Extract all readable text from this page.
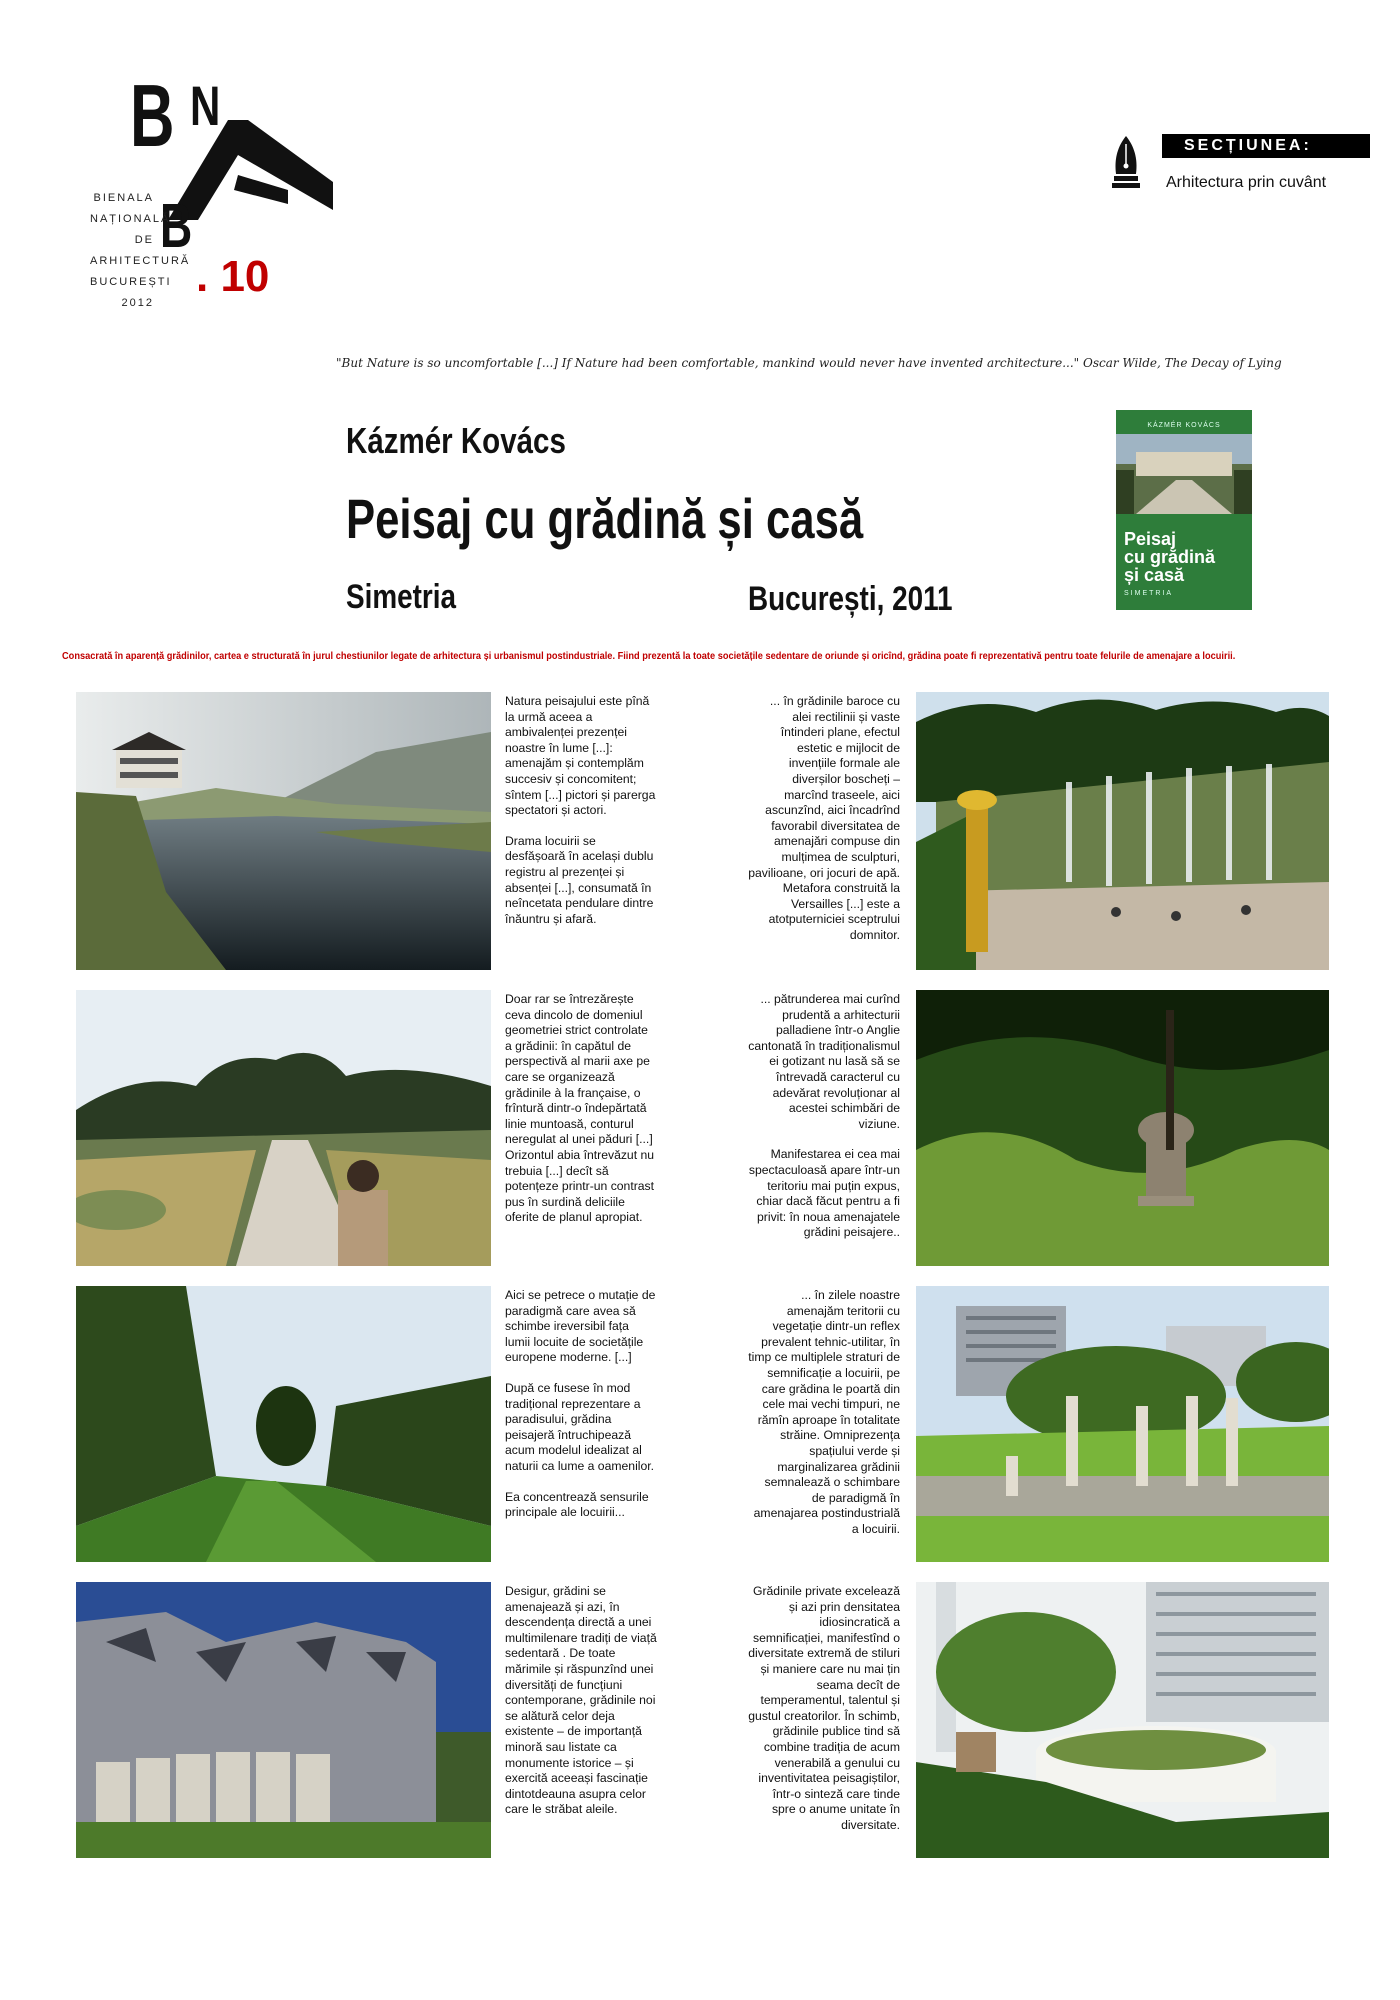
B N
B
BIENALA
NAȚIONALĂ
DE
ARHITECTURĂ
BUCUREȘTI
2012
. 10
SECȚIUNEA:
Arhitectura prin cuvânt
"But Nature is so uncomfortable [...] If Nature had been comfortable, mankind would never have invented architecture..." Oscar Wilde, The Decay of Lying
Kázmér Kovács
Peisaj cu grădină și casă
Simetria	București, 2011
KÁZMÉR KOVÁCS
Peisaj
cu grădină
și casă
SIMETRIA
Consacrată în aparență grădinilor, cartea e structurată în jurul chestiunilor legate de arhitectura și urbanismul postindustriale. Fiind prezentă la toate societățile sedentare de oriunde și oricînd, grădina poate fi reprezentativă pentru toate felurile de amenajare a locuirii.

Natura peisajului este pînă la urmă aceea a ambivalenței prezenței noastre în lume [...]: amenajăm și contemplăm succesiv și concomitent; sîntem [...] pictori și parerga spectatori și actori.

Drama locuirii se desfășoară în același dublu registru al prezenței și absenței [...], consumată în neîncetata pendulare dintre înăuntru și afară.

... în grădinile baroce cu alei rectilinii și vaste întinderi plane, efectul estetic e mijlocit de invențiile formale ale diverșilor boscheți – marcînd traseele, aici ascunzînd, aici încadrînd favorabil diversitatea de amenajări compuse din mulțimea de sculpturi, pavilioane, ori jocuri de apă. Metafora construită la Versailles [...] este a atotputerniciei sceptrului domnitor.

Doar rar se întrezărește ceva dincolo de domeniul geometriei strict controlate a grădinii: în capătul de perspectivă al marii axe pe care se organizează grădinile à la française, o frîntură dintr-o îndepărtată linie muntoasă, conturul neregulat al unei păduri [...] Orizontul abia întrevăzut nu trebuia [...] decît să potențeze printr-un contrast pus în surdină deliciile oferite de planul apropiat.

... pătrunderea mai curînd prudentă a arhitecturii palladiene într-o Anglie cantonată în tradiționalismul ei gotizant nu lasă să se întrevadă caracterul cu adevărat revoluționar al acestei schimbări de viziune.

Manifestarea ei cea mai spectaculoasă apare într-un teritoriu mai puțin expus, chiar dacă făcut pentru a fi privit: în noua amenajatele grădini peisajere..

Aici se petrece o mutație de paradigmă care avea să schimbe ireversibil fața lumii locuite de societățile europene moderne. [...]

După ce fusese în mod tradițional reprezentare a paradisului, grădina peisajeră întruchipează acum modelul idealizat al naturii ca lume a oamenilor.

Ea concentrează sensurile principale ale locuirii...

... în zilele noastre amenajăm teritorii cu vegetație dintr-un reflex prevalent tehnic-utilitar, în timp ce multiplele straturi de semnificație a locuirii, pe care grădina le poartă din cele mai vechi timpuri, ne rămîn aproape în totalitate străine. Omniprezența spațiului verde și marginalizarea grădinii semnalează o schimbare de paradigmă în amenajarea postindustrială a locuirii.

Desigur, grădini se amenajează și azi, în descendența directă a unei multimilenare tradiți de viață sedentară . De toate mărimile și răspunzînd unei diversități de funcțiuni contemporane, grădinile noi se alătură celor deja existente – de importanță minoră sau listate ca monumente istorice – și exercită aceeași fascinație dintotdeauna asupra celor care le străbat aleile.

Grădinile private excelează și azi prin densitatea idiosincratică a semnificației, manifestînd o diversitate extremă de stiluri și maniere care nu mai țin seama decît de temperamentul, talentul și gustul creatorilor. În schimb, grădinile publice tind să combine tradiția de acum venerabilă a genului cu inventivitatea peisagiștilor, într-o sinteză care tinde spre o anume unitate în diversitate.
